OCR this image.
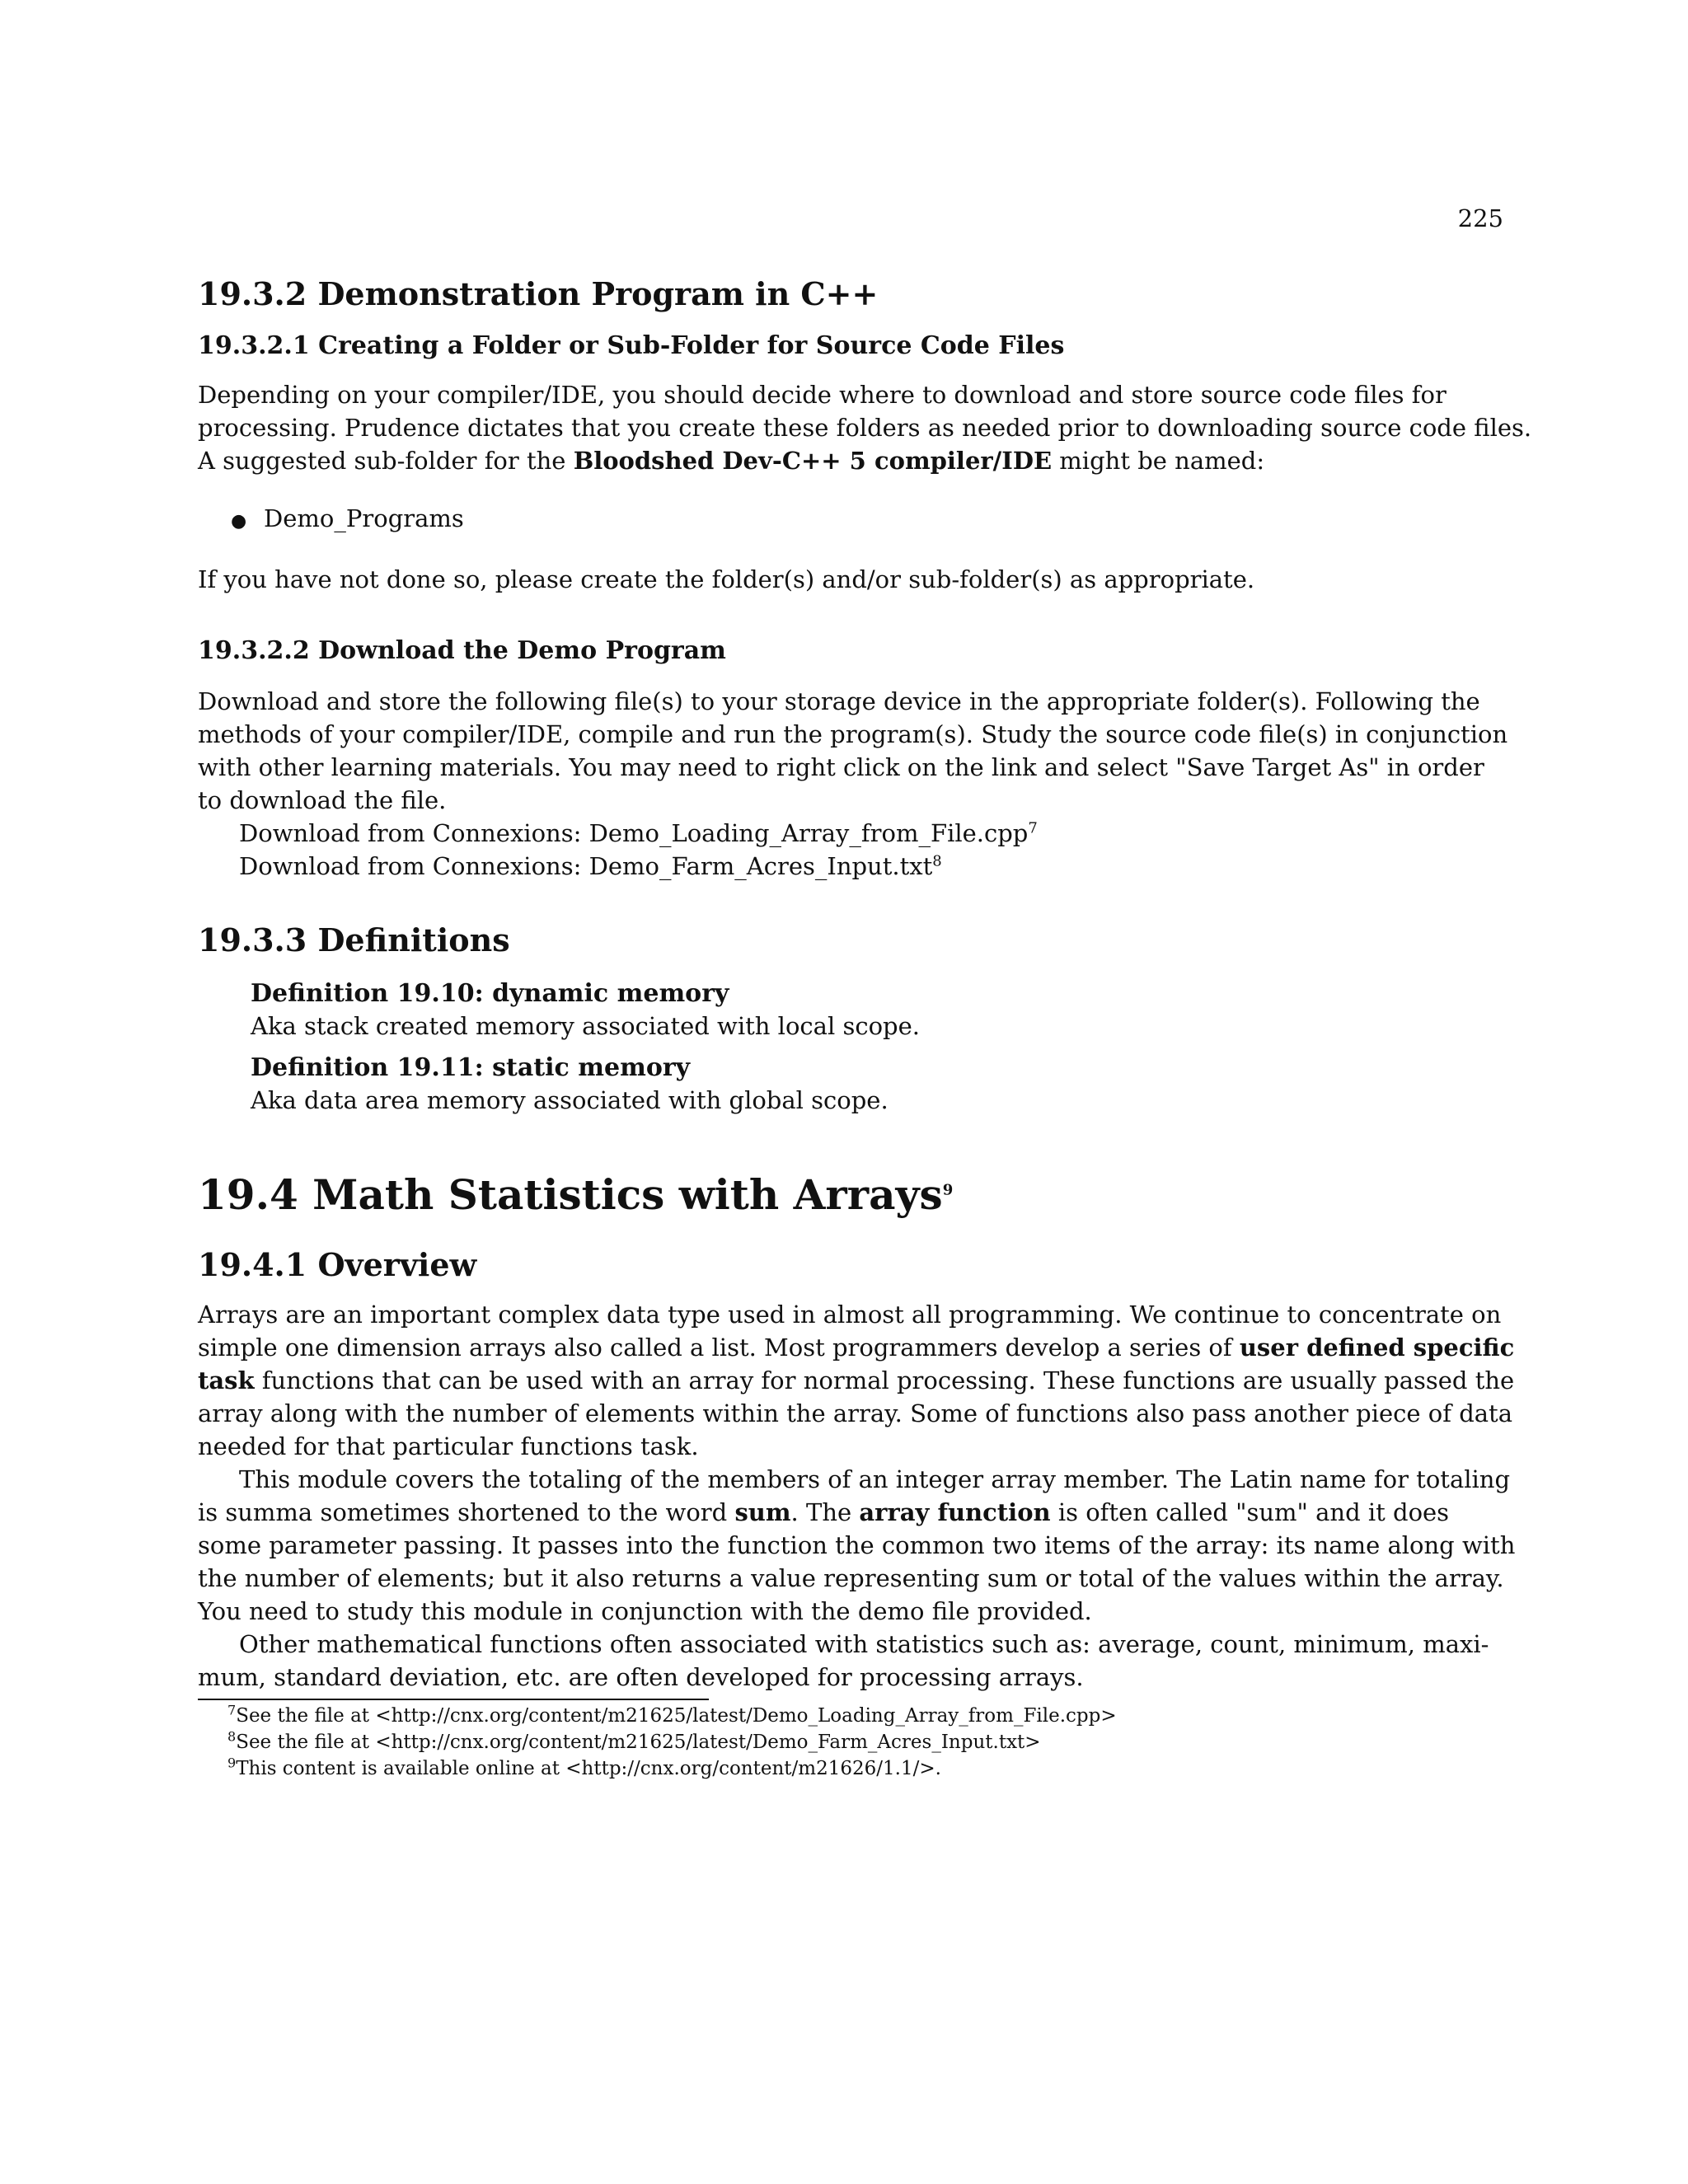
225
19.3.2 Demonstration Program in C++
19.3.2.1 Creating a Folder or Sub-Folder for Source Code Files

Depending on your compiler/IDE, you should decide where to download and store source code files for

processing. Prudence dictates that you create these folders as needed prior to downloading source code files.

A suggested sub-folder for the Bloodshed Dev-C++ 5 compiler/IDE might be named:

● Demo_Programs

If you have not done so, please create the folder(s) and/or sub-folder(s) as appropriate.

19.3.2.2 Download the Demo Program

Download and store the following file(s) to your storage device in the appropriate folder(s). Following the

methods of your compiler/IDE, compile and run the program(s). Study the source code file(s) in conjunction

with other learning materials. You may need to right click on the link and select "Save Target As" in order

to download the file.

Download from Connexions: Demo_Loading_Array_from_File.cpp$^7$

Download from Connexions: Demo_Farm_Acres_Input.txt$^8$

19.3.3 Definitions

Definition 19.10: dynamic memory

Aka stack created memory associated with local scope.

Definition 19.11: static memory

Aka data area memory associated with global scope.

19.4 Math Statistics with Arrays$^9$
19.4.1 Overview

Arrays are an important complex data type used in almost all programming. We continue to concentrate on

simple one dimension arrays also called a list. Most programmers develop a series of user defined specific

task functions that can be used with an array for normal processing. These functions are usually passed the

array along with the number of elements within the array. Some of functions also pass another piece of data

needed for that particular functions task.

This module covers the totaling of the members of an integer array member. The Latin name for totaling

is summa sometimes shortened to the word sum. The array function is often called "sum" and it does

some parameter passing. It passes into the function the common two items of the array: its name along with

the number of elements; but it also returns a value representing sum or total of the values within the array.

You need to study this module in conjunction with the demo file provided.

Other mathematical functions often associated with statistics such as: average, count, minimum, maxi-

mum, standard deviation, etc. are often developed for processing arrays.

$^7$See the file at <http://cnx.org/content/m21625/latest/Demo_Loading_Array_from_File.cpp>

$^8$See the file at <http://cnx.org/content/m21625/latest/Demo_Farm_Acres_Input.txt>

$^9$This content is available online at <http://cnx.org/content/m21626/1.1/>.
